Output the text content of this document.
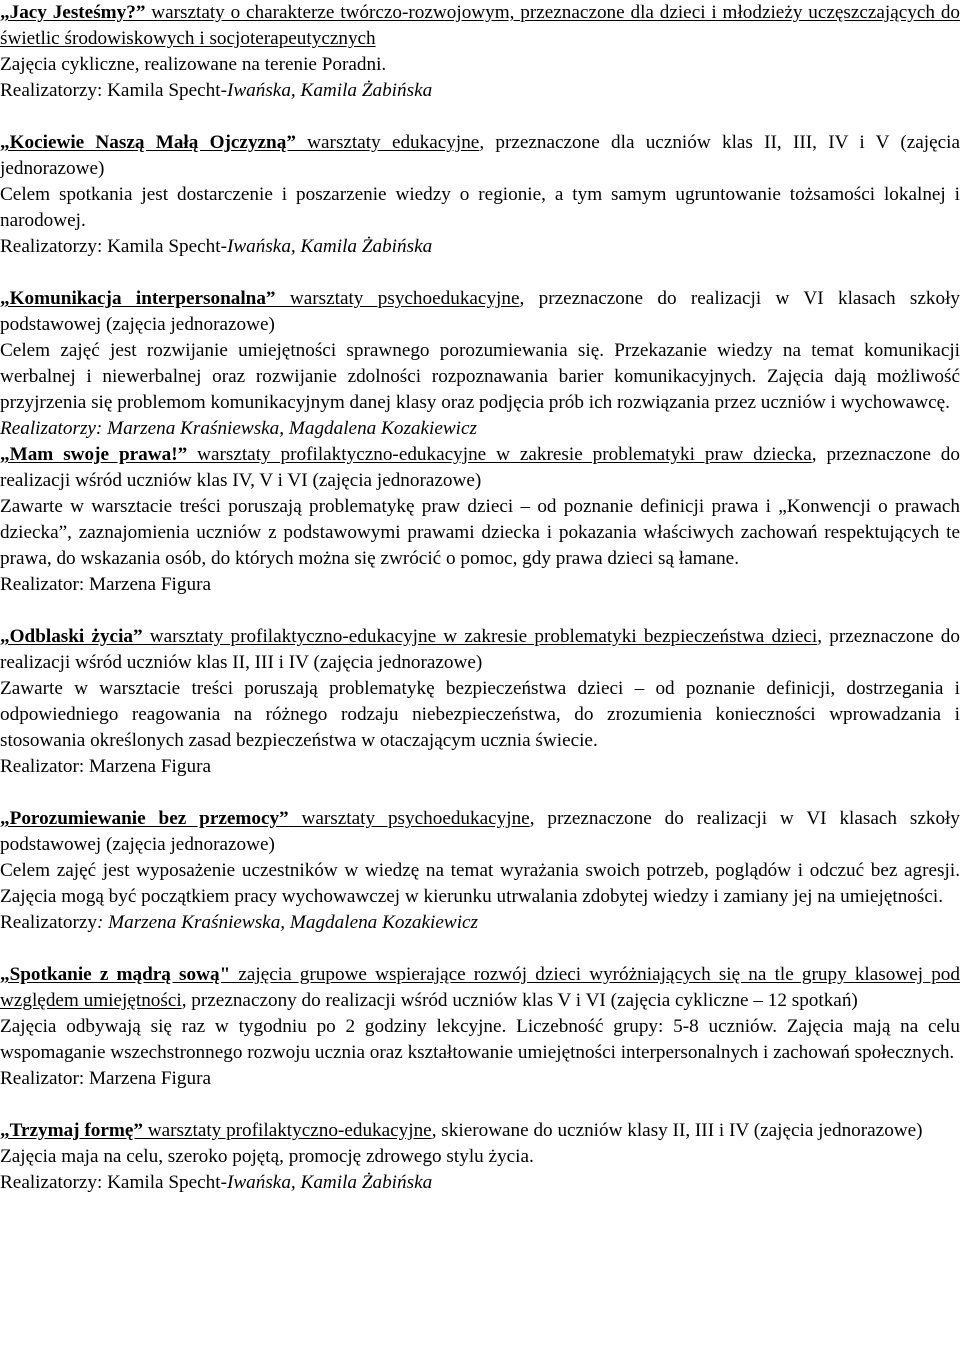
„Jacy Jesteśmy?” warsztaty o charakterze twórczo-rozwojowym, przeznaczone dla dzieci i młodzieży uczęszczających do świetlic środowiskowych i socjoterapeutycznych
Zajęcia cykliczne, realizowane na terenie Poradni.
Realizatorzy: Kamila Specht-Iwańska, Kamila Żabińska
„Kociewie Naszą Małą Ojczyzną” warsztaty edukacyjne, przeznaczone dla uczniów klas II, III, IV i V (zajęcia jednorazowe)
Celem spotkania jest dostarczenie i poszarzenie wiedzy o regionie, a tym samym ugruntowanie tożsamości lokalnej i narodowej.
Realizatorzy: Kamila Specht-Iwańska, Kamila Żabińska
„Komunikacja interpersonalna” warsztaty psychoedukacyjne, przeznaczone do realizacji w VI klasach szkoły podstawowej (zajęcia jednorazowe)
Celem zajęć jest rozwijanie umiejętności sprawnego porozumiewania się. Przekazanie wiedzy na temat komunikacji werbalnej i niewerbalnej oraz rozwijanie zdolności rozpoznawania barier komunikacyjnych. Zajęcia dają możliwość przyjrzenia się problemom komunikacyjnym danej klasy oraz podjęcia prób ich rozwiązania przez uczniów i wychowawcę.
Realizatorzy: Marzena Kraśniewska, Magdalena Kozakiewicz
„Mam swoje prawa!” warsztaty profilaktyczno-edukacyjne w zakresie problematyki praw dziecka, przeznaczone do realizacji wśród uczniów klas IV, V i VI (zajęcia jednorazowe)
Zawarte w warsztacie treści poruszają problematykę praw dzieci – od poznanie definicji prawa i „Konwencji o prawach dziecka”, zaznajomienia uczniów z podstawowymi prawami dziecka i pokazania właściwych zachowań respektujących te prawa, do wskazania osób, do których można się zwrócić o pomoc, gdy prawa dzieci są łamane.
Realizator: Marzena Figura
„Odblaski życia” warsztaty profilaktyczno-edukacyjne w zakresie problematyki bezpieczeństwa dzieci, przeznaczone do realizacji wśród uczniów klas II, III i IV (zajęcia jednorazowe)
Zawarte w warsztacie treści poruszają problematykę bezpieczeństwa dzieci – od poznanie definicji, dostrzegania i odpowiedniego reagowania na różnego rodzaju niebezpieczeństwa, do zrozumienia konieczności wprowadzania i stosowania określonych zasad bezpieczeństwa w otaczającym ucznia świecie.
Realizator: Marzena Figura
„Porozumiewanie bez przemocy” warsztaty psychoedukacyjne, przeznaczone do realizacji w VI klasach szkoły podstawowej (zajęcia jednorazowe)
Celem zajęć jest wyposażenie uczestników w wiedzę na temat wyrażania swoich potrzeb, poglądów i odczuć bez agresji. Zajęcia mogą być początkiem pracy wychowawczej w kierunku utrwalania zdobytej wiedzy i zamiany jej na umiejętności.
Realizatorzy: Marzena Kraśniewska, Magdalena Kozakiewicz
„Spotkanie z mądrą sową" zajęcia grupowe wspierające rozwój dzieci wyróżniających się na tle grupy klasowej pod względem umiejętności, przeznaczony do realizacji wśród uczniów klas V i VI (zajęcia cykliczne – 12 spotkań)
Zajęcia odbywają się raz w tygodniu po 2 godziny lekcyjne. Liczebność grupy: 5-8 uczniów. Zajęcia mają na celu wspomaganie wszechstronnego rozwoju ucznia oraz kształtowanie umiejętności interpersonalnych i zachowań społecznych.
Realizator: Marzena Figura
„Trzymaj formę” warsztaty profilaktyczno-edukacyjne, skierowane do uczniów klasy II, III i IV (zajęcia jednorazowe)
Zajęcia maja na celu, szeroko pojętą, promocję zdrowego stylu życia.
Realizatorzy: Kamila Specht-Iwańska, Kamila Żabińska
